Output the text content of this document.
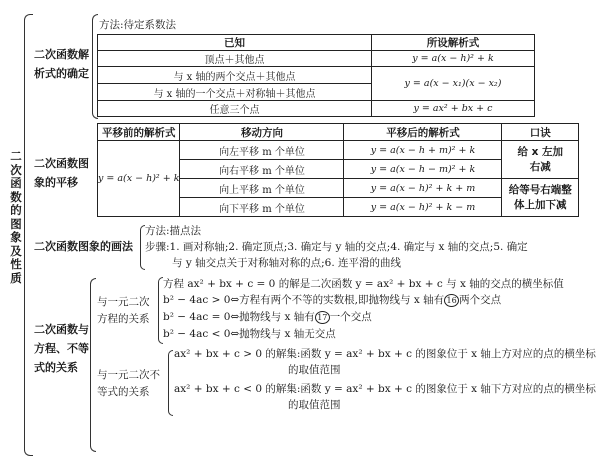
二次函数的图象及性质
二次函数解析式的确定
方法:待定系数法
已知	所设解析式
顶点＋其他点	y = a(x − h)² + k
与 x 轴的两个交点＋其他点	y = a(x − x₁)(x − x₂)
与 x 轴的一个交点＋对称轴＋其他点	
任意三个点	y = ax² + bx + c
二次函数图象的平移
平移前的解析式	移动方向	平移后的解析式	口诀
y = a(x − h)² + k	向左平移 m 个单位	y = a(x − h + m)² + k	给 x 左加右减
	向右平移 m 个单位	y = a(x − h − m)² + k	
	向上平移 m 个单位	y = a(x − h)² + k + m	给等号右端整体上加下减
	向下平移 m 个单位	y = a(x − h)² + k − m	
二次函数图象的画法
方法:描点法
步骤:1. 画对称轴;2. 确定顶点;3. 确定与 y 轴的交点;4. 确定与 x 轴的交点;5. 确定
与 y 轴交点关于对称轴对称的点;6. 连平滑的曲线
二次函数与方程、不等式的关系
与一元二次方程的关系
方程 ax² + bx + c = 0 的解是二次函数 y = ax² + bx + c 与 x 轴的交点的横坐标值
b² − 4ac > 0⇔方程有两个不等的实数根,即抛物线与 x 轴有 16 两个交点
b² − 4ac = 0⇔抛物线与 x 轴有 17 一个交点
b² − 4ac < 0⇔抛物线与 x 轴无交点
与一元二次不等式的关系
ax² + bx + c > 0 的解集:函数 y = ax² + bx + c 的图象位于 x 轴上方对应的点的横坐标
的取值范围
ax² + bx + c < 0 的解集:函数 y = ax² + bx + c 的图象位于 x 轴下方对应的点的横坐标
的取值范围
